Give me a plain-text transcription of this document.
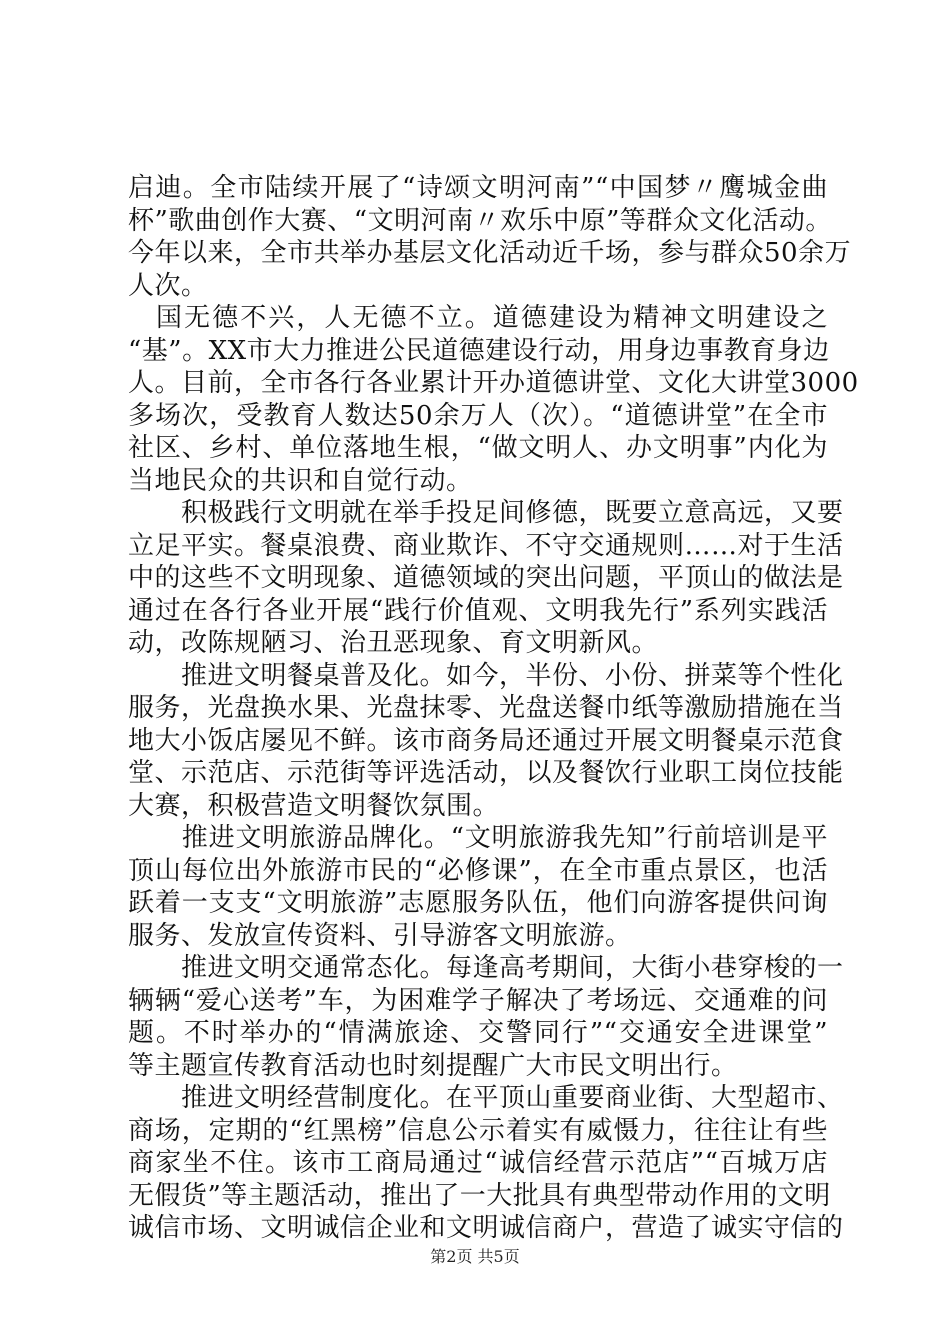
启迪。全市陆续开展了“诗颂文明河南”“中国梦〃鹰城金曲
杯”歌曲创作大赛、“文明河南〃欢乐中原”等群众文化活动。
今年以来，全市共举办基层文化活动近千场，参与群众50余万
人次。
　国无德不兴，人无德不立。道德建设为精神文明建设之
“基”。XX市大力推进公民道德建设行动，用身边事教育身边
人。目前，全市各行各业累计开办道德讲堂、文化大讲堂3000
多场次，受教育人数达50余万人（次）。“道德讲堂”在全市
社区、乡村、单位落地生根，“做文明人、办文明事”内化为
当地民众的共识和自觉行动。
　　积极践行文明就在举手投足间修德，既要立意高远，又要
立足平实。餐桌浪费、商业欺诈、不守交通规则……对于生活
中的这些不文明现象、道德领域的突出问题，平顶山的做法是
通过在各行各业开展“践行价值观、文明我先行”系列实践活
动，改陈规陋习、治丑恶现象、育文明新风。
　　推进文明餐桌普及化。如今，半份、小份、拼菜等个性化
服务，光盘换水果、光盘抹零、光盘送餐巾纸等激励措施在当
地大小饭店屡见不鲜。该市商务局还通过开展文明餐桌示范食
堂、示范店、示范街等评选活动，以及餐饮行业职工岗位技能
大赛，积极营造文明餐饮氛围。
　　推进文明旅游品牌化。“文明旅游我先知”行前培训是平
顶山每位出外旅游市民的“必修课”，在全市重点景区，也活
跃着一支支“文明旅游”志愿服务队伍，他们向游客提供问询
服务、发放宣传资料、引导游客文明旅游。
　　推进文明交通常态化。每逢高考期间，大街小巷穿梭的一
辆辆“爱心送考”车，为困难学子解决了考场远、交通难的问
题。不时举办的“情满旅途、交警同行”“交通安全进课堂”
等主题宣传教育活动也时刻提醒广大市民文明出行。
　　推进文明经营制度化。在平顶山重要商业街、大型超市、
商场，定期的“红黑榜”信息公示着实有威慑力，往往让有些
商家坐不住。该市工商局通过“诚信经营示范店”“百城万店
无假货”等主题活动，推出了一大批具有典型带动作用的文明
诚信市场、文明诚信企业和文明诚信商户，营造了诚实守信的
第2页 共5页
